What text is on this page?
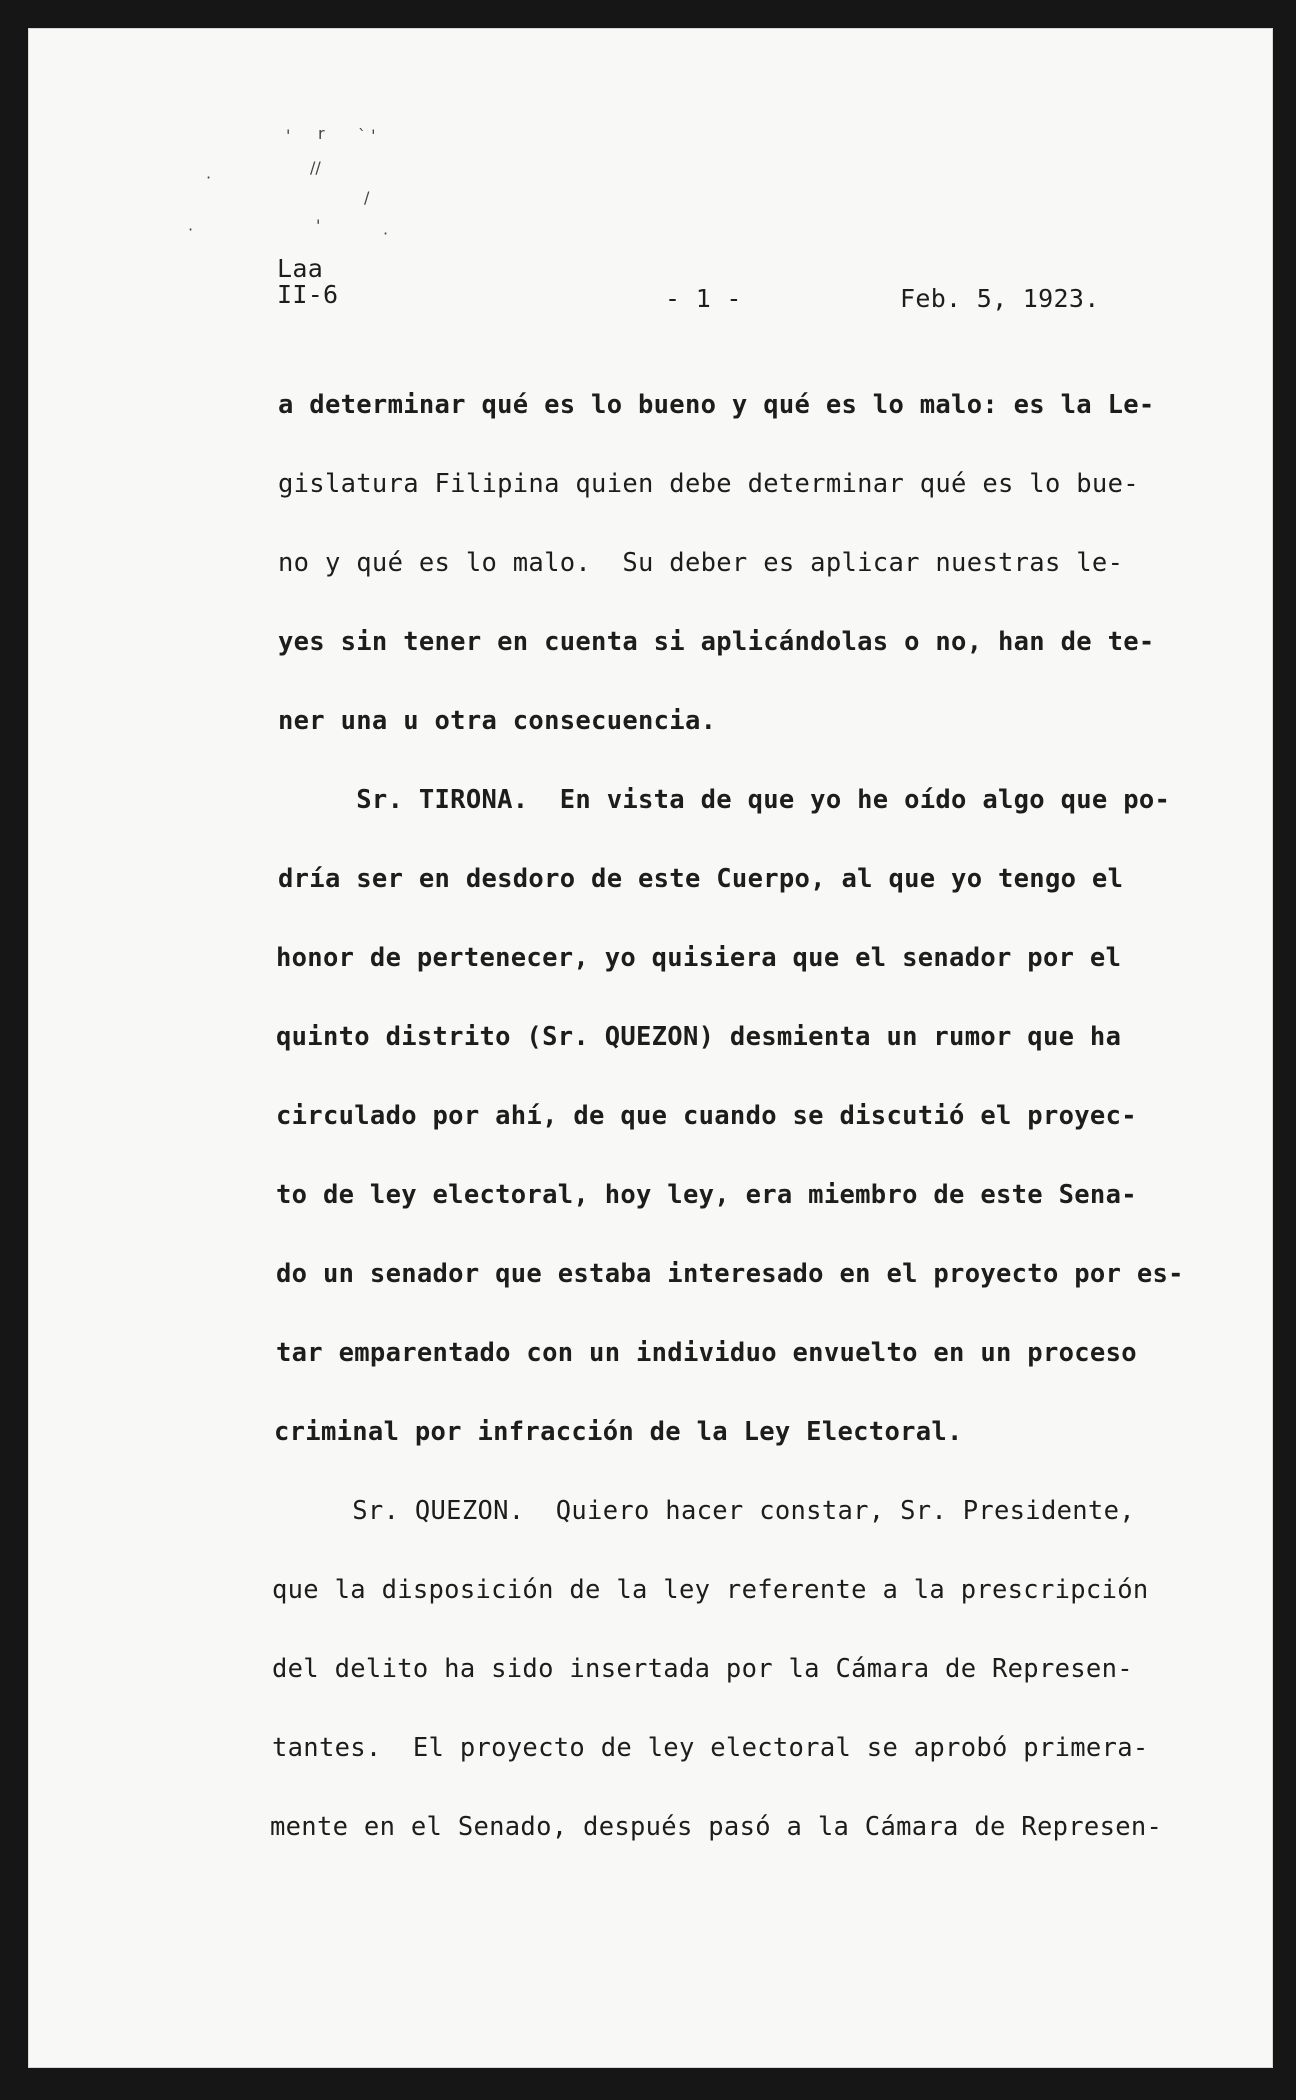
' r ` '
·
//
/
·	'	·
Laa
II-6	- 1 -	Feb. 5, 1923.
a determinar qué es lo bueno y qué es lo malo: es la Le-
gislatura Filipina quien debe determinar qué es lo bue-
no y qué es lo malo.  Su deber es aplicar nuestras le-
yes sin tener en cuenta si aplicándolas o no, han de te-
ner una u otra consecuencia.
Sr. TIRONA.  En vista de que yo he oído algo que po-
dría ser en desdoro de este Cuerpo, al que yo tengo el
honor de pertenecer, yo quisiera que el senador por el
quinto distrito (Sr. QUEZON) desmienta un rumor que ha
circulado por ahí, de que cuando se discutió el proyec-
to de ley electoral, hoy ley, era miembro de este Sena-
do un senador que estaba interesado en el proyecto por es-
tar emparentado con un individuo envuelto en un proceso
criminal por infracción de la Ley Electoral.
Sr. QUEZON.  Quiero hacer constar, Sr. Presidente,
que la disposición de la ley referente a la prescripción
del delito ha sido insertada por la Cámara de Represen-
tantes.  El proyecto de ley electoral se aprobó primera-
mente en el Senado, después pasó a la Cámara de Represen-
